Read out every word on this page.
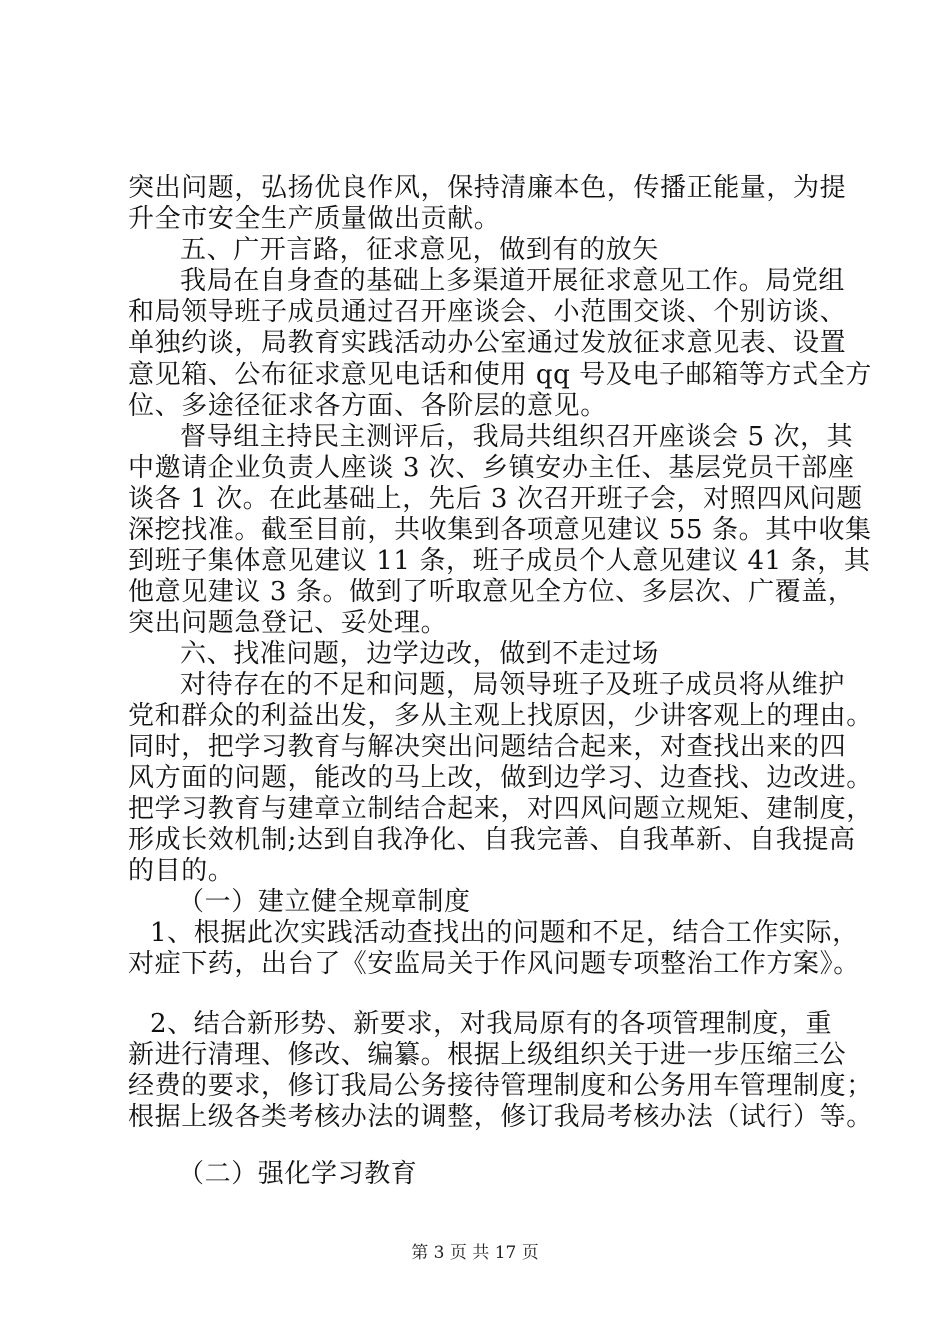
突出问题，弘扬优良作风，保持清廉本色，传播正能量，为提
升全市安全生产质量做出贡献。
五、广开言路，征求意见，做到有的放矢
我局在自身查的基础上多渠道开展征求意见工作。局党组
和局领导班子成员通过召开座谈会、小范围交谈、个别访谈、
单独约谈，局教育实践活动办公室通过发放征求意见表、设置
意见箱、公布征求意见电话和使用 qq 号及电子邮箱等方式全方
位、多途径征求各方面、各阶层的意见。
督导组主持民主测评后，我局共组织召开座谈会 5 次，其
中邀请企业负责人座谈 3 次、乡镇安办主任、基层党员干部座
谈各 1 次。在此基础上，先后 3 次召开班子会，对照四风问题
深挖找准。截至目前，共收集到各项意见建议 55 条。其中收集
到班子集体意见建议 11 条，班子成员个人意见建议 41 条，其
他意见建议 3 条。做到了听取意见全方位、多层次、广覆盖，
突出问题急登记、妥处理。
六、找准问题，边学边改，做到不走过场
对待存在的不足和问题，局领导班子及班子成员将从维护
党和群众的利益出发，多从主观上找原因，少讲客观上的理由。
同时，把学习教育与解决突出问题结合起来，对查找出来的四
风方面的问题，能改的马上改，做到边学习、边查找、边改进。
把学习教育与建章立制结合起来，对四风问题立规矩、建制度，
形成长效机制;达到自我净化、自我完善、自我革新、自我提高
的目的。
（一）建立健全规章制度
1、根据此次实践活动查找出的问题和不足，结合工作实际，
对症下药，出台了《安监局关于作风问题专项整治工作方案》。
2、结合新形势、新要求，对我局原有的各项管理制度，重
新进行清理、修改、编纂。根据上级组织关于进一步压缩三公
经费的要求，修订我局公务接待管理制度和公务用车管理制度；
根据上级各类考核办法的调整，修订我局考核办法（试行）等。
（二）强化学习教育
第 3 页 共 17 页
